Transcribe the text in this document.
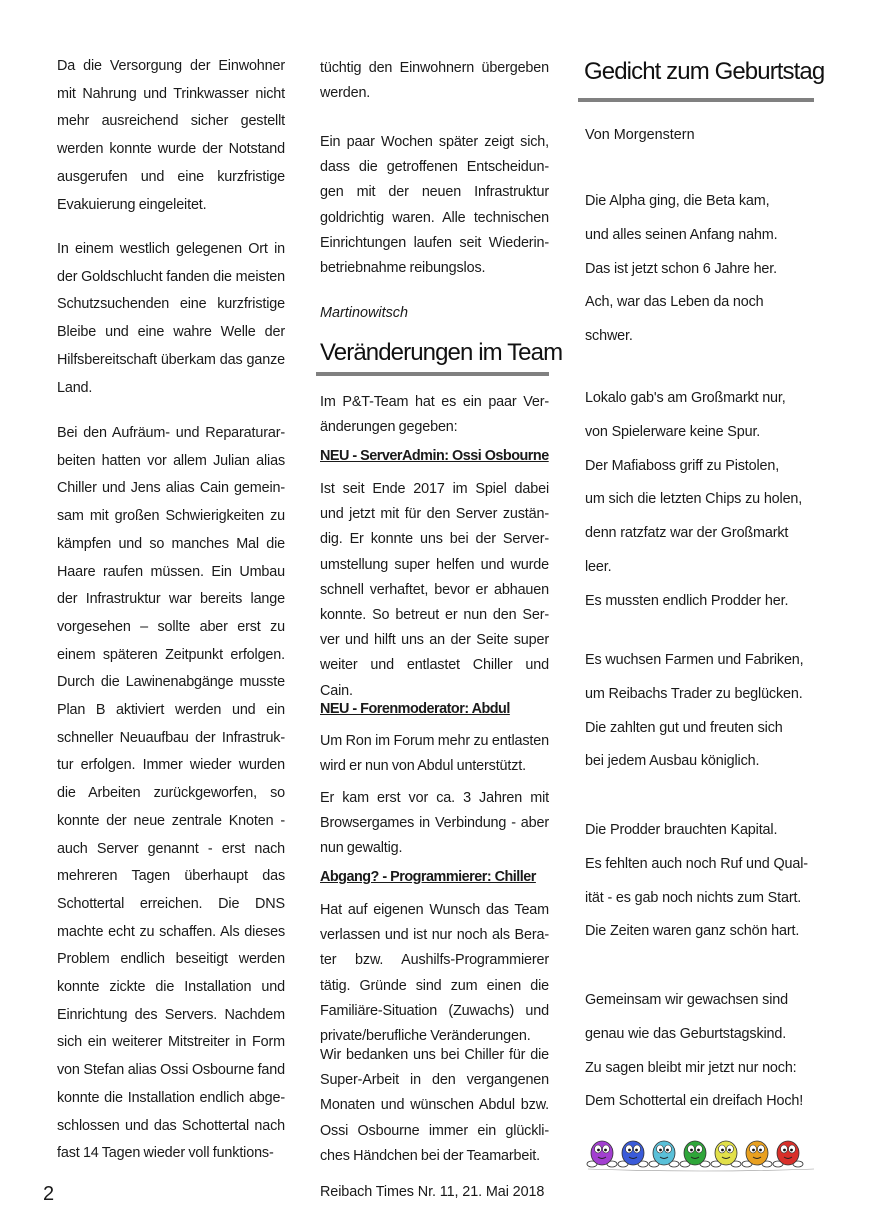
Da die Versorgung der Einwohner
mit Nahrung und Trinkwasser nicht
mehr ausreichend sicher gestellt
werden konnte wurde der Notstand
ausgerufen und eine kurzfristige
Evakuierung eingeleitet.

In einem westlich gelegenen Ort in
der Goldschlucht fanden die meisten
Schutzsuchenden eine kurzfristige
Bleibe und eine wahre Welle der
Hilfsbereitschaft überkam das ganze
Land.

Bei den Aufräum- und Reparaturar-
beiten hatten vor allem Julian alias
Chiller und Jens alias Cain gemein-
sam mit großen Schwierigkeiten zu
kämpfen und so manches Mal die
Haare raufen müssen. Ein Umbau
der Infrastruktur war bereits lange
vorgesehen – sollte aber erst zu
einem späteren Zeitpunkt erfolgen.
Durch die Lawinenabgänge musste
Plan B aktiviert werden und ein
schneller Neuaufbau der Infrastruk-
tur erfolgen. Immer wieder wurden
die Arbeiten zurückgeworfen, so
konnte der neue zentrale Knoten -
auch Server genannt - erst nach
mehreren Tagen überhaupt das
Schottertal erreichen. Die DNS
machte echt zu schaffen. Als dieses
Problem endlich beseitigt werden
konnte zickte die Installation und
Einrichtung des Servers. Nachdem
sich ein weiterer Mitstreiter in Form
von Stefan alias Ossi Osbourne fand
konnte die Installation endlich abge-
schlossen und das Schottertal nach
fast 14 Tagen wieder voll funktions-

tüchtig den Einwohnern übergeben
werden.

Ein paar Wochen später zeigt sich,
dass die getroffenen Entscheidun-
gen mit der neuen Infrastruktur
goldrichtig waren. Alle technischen
Einrichtungen laufen seit Wiederin-
betriebnahme reibungslos.

Martinowitsch

Veränderungen im Team

Im P&T-Team hat es ein paar Ver-
änderungen gegeben:

NEU - ServerAdmin: Ossi Osbourne

Ist seit Ende 2017 im Spiel dabei
und jetzt mit für den Server zustän-
dig. Er konnte uns bei der Server-
umstellung super helfen und wurde
schnell verhaftet, bevor er abhauen
konnte. So betreut er nun den Ser-
ver und hilft uns an der Seite super
weiter und entlastet Chiller und
Cain.

NEU - Forenmoderator: Abdul

Um Ron im Forum mehr zu entlasten
wird er nun von Abdul unterstützt.

Er kam erst vor ca. 3 Jahren mit
Browsergames in Verbindung - aber
nun gewaltig.

Abgang? - Programmierer: Chiller

Hat auf eigenen Wunsch das Team
verlassen und ist nur noch als Bera-
ter bzw. Aushilfs-Programmierer
tätig. Gründe sind zum einen die
Familiäre-Situation (Zuwachs) und
private/berufliche Veränderungen.

Wir bedanken uns bei Chiller für die
Super-Arbeit in den vergangenen
Monaten und wünschen Abdul bzw.
Ossi Osbourne immer ein glückli-
ches Händchen bei der Teamarbeit.

Gedicht zum Geburtstag

Von Morgenstern

Die Alpha ging, die Beta kam,

und alles seinen Anfang nahm.

Das ist jetzt schon 6 Jahre her.

Ach, war das Leben da noch

schwer.

Lokalo gab's am Großmarkt nur,

von Spielerware keine Spur.

Der Mafiaboss griff zu Pistolen,

um sich die letzten Chips zu holen,

denn ratzfatz war der Großmarkt

leer.

Es mussten endlich Prodder her.

Es wuchsen Farmen und Fabriken,

um Reibachs Trader zu beglücken.

Die zahlten gut und freuten sich

bei jedem Ausbau königlich.

Die Prodder brauchten Kapital.

Es fehlten auch noch Ruf und Qual-

ität - es gab noch nichts zum Start.

Die Zeiten waren ganz schön hart.

Gemeinsam wir gewachsen sind

genau wie das Geburtstagskind.

Zu sagen bleibt mir jetzt nur noch:

Dem Schottertal ein dreifach Hoch!

2	Reibach Times Nr. 11, 21. Mai 2018
